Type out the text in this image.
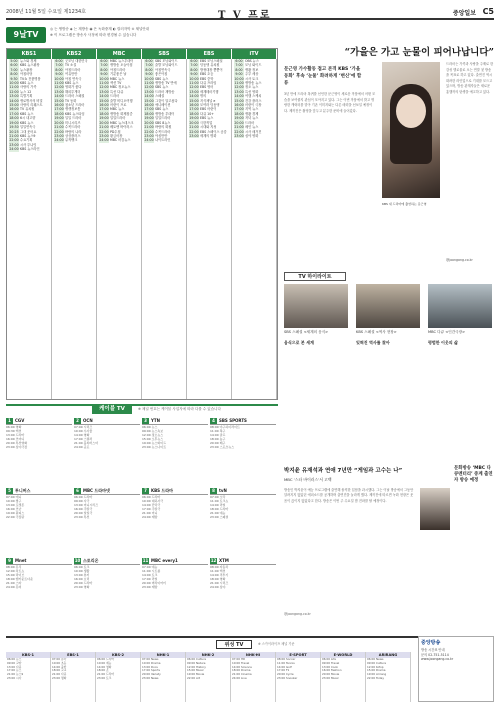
2008년 11월 5일 수요일 제1234호	T V 프로	중앙일보 C5
9날TV
◎ 는 생방송 ◈ 는 재방송 ◉ 은 녹화중계 ◐ 컬러자막 ⊙ 채널안내
※ 이 프로그램은 방송사 사정에 따라 변경될 수 있습니다
KBS1
5:00 뉴스와 경제
6:00 KBS 뉴스광장
7:00 뉴스광장
8:00 아침마당
9:30 TV쇼 진품명품
10:00KBS 뉴스
11:00사랑의 가족
12:00뉴스 12
13:00특별기획
14:00생로병사의 비밀
15:00사랑의 리퀘스트
16:00TV 유치원
17:00KBS 뉴스
18:006시 내고향
19:00KBS 뉴스
19:30일일연속극
20:25그대 웃어요
21:00KBS 뉴스9
22:00수요기획
23:00시사 투나잇
24:00KBS 뉴스라인
KBS2
6:00 굿모닝 대한민국
7:00 TV 소설
8:00 아침드라마
9:00 여유만만
10:00아침 연속극
11:00KBS 뉴스
12:00영화가 좋다
13:00해피투게더
14:00드라마 스페셜
15:00TV 동화
16:00청소년 드라마
17:00생생정보통
18:00KBS 뉴스타임
19:00일일 드라마
20:00미니시리즈
21:00수목드라마
22:00바람의 나라
23:00상상플러스
24:00뮤직뱅크
MBC
6:00 MBC 뉴스투데이
7:00 생방송 오늘아침
8:00 아침드라마
9:00 기분좋은 날
10:00MBC 뉴스
11:00섹션 TV
12:00MBC 정오뉴스
13:00특선 다큐
14:00드라마
15:00출발 비디오여행
16:00어린이 프로
17:00MBC 뉴스
18:00생방송 화제집중
19:00일일드라마
20:00MBC 뉴스데스크
21:00베토벤 바이러스
22:00PD수첩
23:00황금어장
24:00MBC 마감뉴스
SBS
6:00 SBS 모닝와이드
7:00 출발 모닝와이드
8:00 아침연속극
9:00 좋은아침
10:00SBS 뉴스
11:00생방송 TV 연예
12:00SBS 뉴스
13:00드라마 재방송
14:00스페셜
15:00그것이 알고싶다
16:00애니메이션
17:00SBS 뉴스
18:00생방송 투데이
19:00일일드라마
20:00SBS 8뉴스
21:00바람의 화원
22:00수목드라마
23:00야심만만
24:00나이트라인
EBS
6:00 EBS 모닝스페셜
7:00 딩동댕 유치원
8:00 방귀대장 뿡뿡이
9:00 EBS 초등
10:00EBS 중학
11:00다큐 프라임
12:00EBS 영어
13:00세계테마기행
14:00명의
15:00지식채널 e
16:00모여라 딩동댕
17:00EBS 어린이
18:00다큐 10+
19:00EBS 뉴스
20:00극한직업
21:00시대와 지성
22:00EBS 스페이스 공감
23:00세계의 명화
iTV
6:00 OBS 뉴스
7:00 모닝 와이드
8:00 생활 정보
9:00 주부 세상
10:00시사 토크
11:00생방송 뉴스
12:00정오 뉴스
13:00특선 영화
14:00여행 스케치
15:00건강 플러스
16:00어린이 극장
17:00지역 뉴스
18:00생활 경제
19:00저녁 뉴스
20:00드라마
21:00메인 뉴스
22:00시사 매거진
23:00심야 영화
“가을은 가고 눈물이 피어나납니다”
문근영 가수활동 접고 본격 KBS ‘가을동화’ 후속 ‘눈물’ 화려하게 ‘변신’에 합류
3년 만에 드라마 복귀를 선언한 문근영이 새로운 작품에서 어떤 모습을 보여줄지 관심이 모아지고 있다. 그는 이번 작품에서 밝고 명랑한 캐릭터를 맡아 기존 이미지와는 다른 매력을 선보일 예정이다. 제작진은 촬영을 앞두고 분주한 준비에 들어갔다.
KBS 새 드라마에 출연하는 문근영
드라마는 가족과 사랑을 주제로 한 감성 멜로물로 오는 연말 첫 방송을 목표로 하고 있다. 출연진 역시 화려한 라인업으로 기대를 모으고 있으며, 방송 관계자들은 새로운 흥행작의 탄생을 예고하고 있다.
@joongang.co.kr
TV 하이라이트
SBS 스페셜 <세계의 음식>	KBS 스페셜 <역사 현장>	MBC 다큐 <인간극장>
음식으로 본 세계	잊혀진 역사를 찾아	평범한 이웃의 삶
케이블 TV	※ 채널 번호는 케이블 사업자에 따라 다를 수 있습니다
1 CGV
06:00 영화
09:30 액션
13:00 드라마
16:00 코미디
20:00 특선영화
23:00 심야극장
2 OCN
07:00 시리즈
10:00 수사물
14:00 영화
17:00 스릴러
21:00 블록버스터
24:00 공포
3 YTN
06:00 뉴스
09:00 뉴스속보
12:00 정오뉴스
15:00 오후뉴스
19:00 뉴스와이드
23:00 뉴스나이트
4 SBS SPORTS
08:00 야구하이라이트
11:00 축구
14:00 골프
18:00 농구
20:00 배구
23:00 스포츠뉴스
5 투니버스
07:00 애니
10:00 짱구
13:00 포켓몬
16:00 코난
19:00 원피스
22:00 극장판
6 MBC 드라마넷
06:00 드라마
09:00 사극
13:00 미니시리즈
16:00 주말극
20:00 일일극
23:00 특선
7 KBS 드라마
06:00 드라마
10:00 대하사극
14:00 단막극
17:00 주말극
21:00 미니
24:00 재방
8 tvN
07:00 오락
11:00 토크쇼
14:00 리얼
18:00 드라마
21:00 예능
23:00 스페셜
9 Mnet
08:00 뮤직
12:00 차트쇼
15:00 라이브
18:00 엠카운트다운
21:00 스타
24:00 뮤비
10 스토리온
06:00 토크
10:00 생활
13:00 뷰티
16:00 요리
20:00 드라마
23:00 영화
11 MBC every1
07:00 예능
11:00 시트콤
14:00 토크
17:00 리얼
20:00 버라이어티
23:00 재방
12 XTM
08:00 자동차
11:00 액션
14:00 격투기
18:00 영화
21:00 시리즈
24:00 심야
박지윤 유재석과 연애 7년만 “게임과 고수는 나”
MBC ‘스타 바이러스’서 고백
방송인 박지윤이 예능 프로그램에 출연해 솔직한 입담을 과시했다. 그는 이날 방송에서 그동안 알려지지 않았던 에피소드를 공개하며 출연진을 놀라게 했다. 제작진에 따르면 녹화 현장은 웃음이 끊이지 않았다고 한다. 방송은 이번 주 수요일 밤 전파를 탈 예정이다.
@joongang.co.kr
문화방송 ‘MBC 다큐멘터리’ 중계 출연자 방송 예정
위성 TV	※ 스카이라이프 채널 기준
KBS-1
06:00 뉴스
09:00 교양
13:00 다큐
17:00 뉴스
21:00 뉴스9
23:00 시사
EBS-1
07:00 유아
10:00 초등
14:00 중학
18:00 고교
21:00 다큐
23:00 명화
KBS-2
06:00 드라마
10:00 예능
14:00 영화
18:00 쇼
21:00 드라마
23:00 토크
NHK-1
07:00 News
10:00 Drama
13:00 Docu
17:00 Sports
20:00 Variety
23:00 News
NHK-2
06:00 Culture
09:00 Nature
12:00 History
15:00 Music
19:00 Movie
22:00 Art
NHK-HI
07:00 HD
10:00 Travel
14:00 Science
18:00 Drama
21:00 Cinema
24:00 Live
E-SPORT
08:00 Soccer
11:00 Tennis
14:00 Golf
17:00 F1
20:00 Cycle
23:00 Snooker
E-WORLD
06:00 Life
09:00 Travel
13:00 Cook
16:00 Fashion
20:00 Movie
23:00 Music
ARIRANG
06:00 News
09:00 Culture
12:00 K-Pop
15:00 Drama
19:00 Arirang
22:00 Today
중앙방송
방송 시간표 안내
문의 02-751-5114
www.joongang.co.kr
